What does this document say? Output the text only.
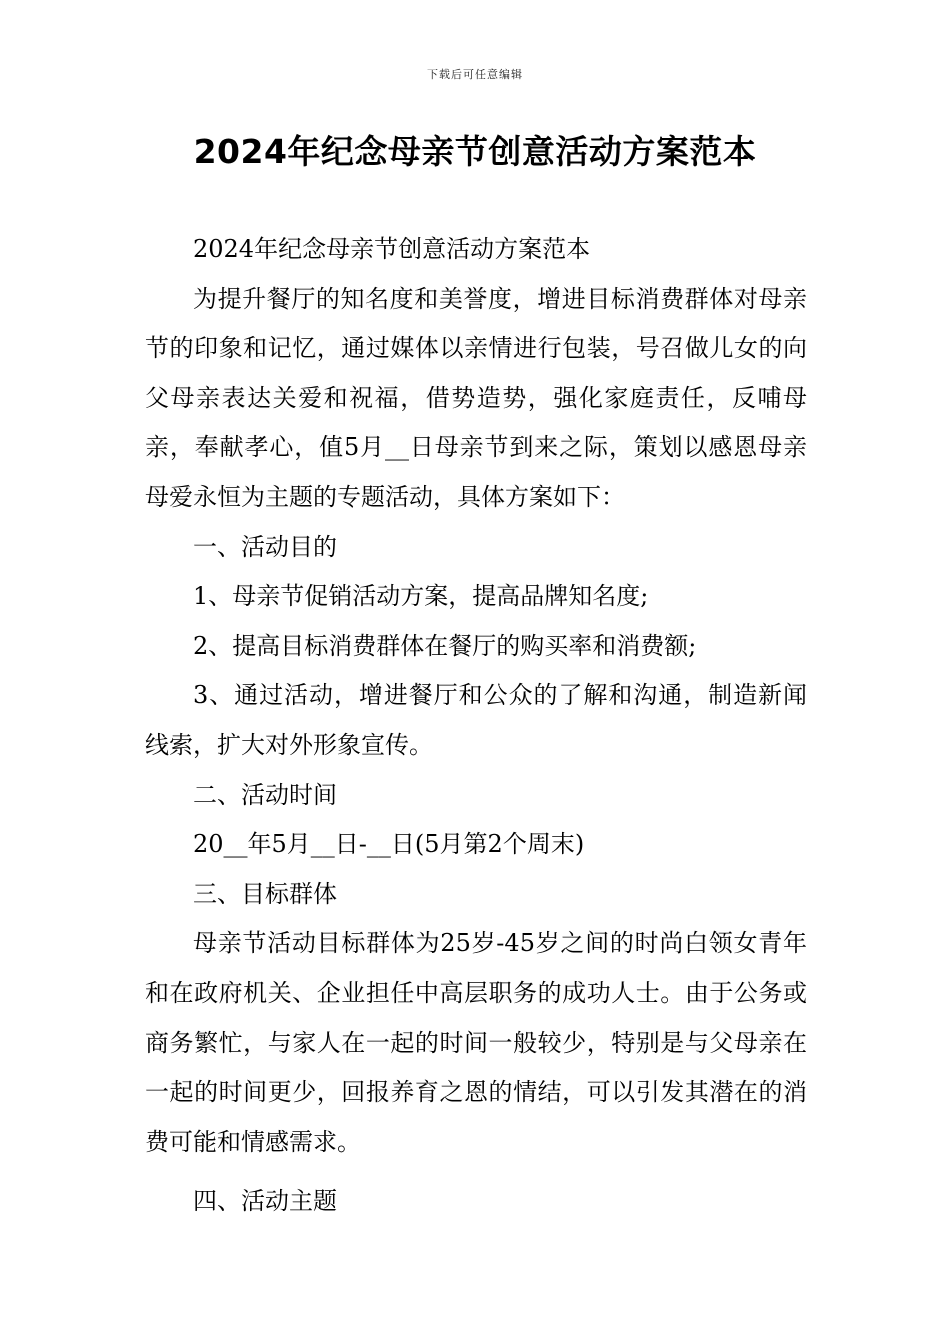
下载后可任意编辑
2024年纪念母亲节创意活动方案范本

2024年纪念母亲节创意活动方案范本

为提升餐厅的知名度和美誉度，增进目标消费群体对母亲节的印象和记忆，通过媒体以亲情进行包装，号召做儿女的向父母亲表达关爱和祝福，借势造势，强化家庭责任，反哺母亲，奉献孝心，值5月__日母亲节到来之际，策划以感恩母亲母爱永恒为主题的专题活动，具体方案如下：

一、活动目的

1、母亲节促销活动方案，提高品牌知名度;

2、提高目标消费群体在餐厅的购买率和消费额;

3、通过活动，增进餐厅和公众的了解和沟通，制造新闻线索，扩大对外形象宣传。

二、活动时间

20__年5月__日-__日(5月第2个周末)

三、目标群体

母亲节活动目标群体为25岁-45岁之间的时尚白领女青年和在政府机关、企业担任中高层职务的成功人士。由于公务或商务繁忙，与家人在一起的时间一般较少，特别是与父母亲在一起的时间更少，回报养育之恩的情结，可以引发其潜在的消费可能和情感需求。

四、活动主题
